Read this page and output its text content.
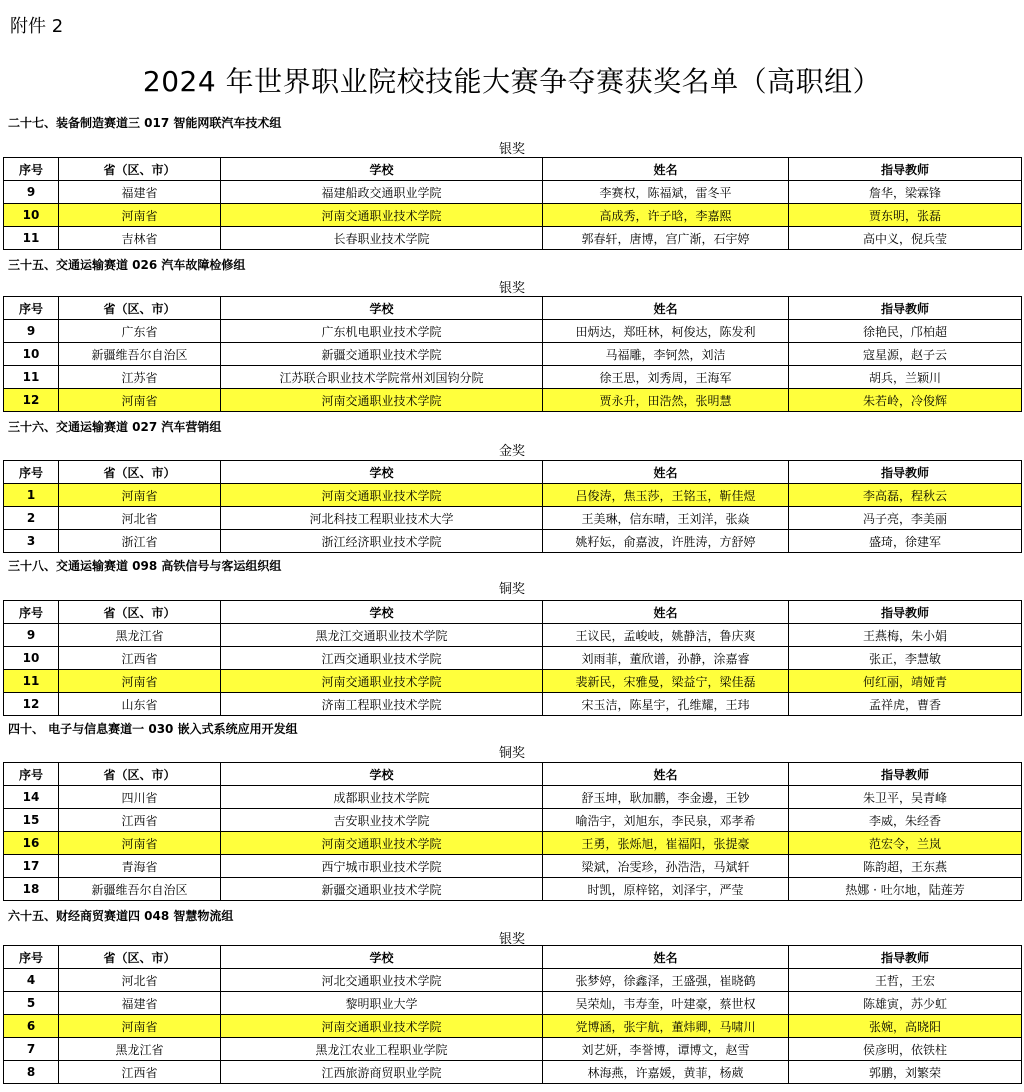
附件 2
2024 年世界职业院校技能大赛争夺赛获奖名单（高职组）
二十七、装备制造赛道三 017 智能网联汽车技术组
银奖
序号	省（区、市）	学校	姓名	指导教师
9	福建省	福建船政交通职业学院	李赛权，陈福斌，雷冬平	詹华，梁霖锋
10	河南省	河南交通职业技术学院	高成秀，许子晗，李嘉熙	贾东明，张磊
11	吉林省	长春职业技术学院	郭春轩，唐博，宫广渐，石宇婷	高中义，倪兵莹
三十五、交通运输赛道 026 汽车故障检修组
银奖
序号	省（区、市）	学校	姓名	指导教师
9	广东省	广东机电职业技术学院	田炳达，郑旺林，柯俊达，陈发利	徐艳民，邝柏超
10	新疆维吾尔自治区	新疆交通职业技术学院	马福雕，李钶然，刘洁	寇星源，赵子云
11	江苏省	江苏联合职业技术学院常州刘国钧分院	徐王思，刘秀周，王海军	胡兵，兰颖川
12	河南省	河南交通职业技术学院	贾永升，田浩然，张明慧	朱若岭，冷俊辉
三十六、交通运输赛道 027 汽车营销组
金奖
序号	省（区、市）	学校	姓名	指导教师
1	河南省	河南交通职业技术学院	吕俊涛，焦玉莎，王铭玉，靳佳煜	李高磊，程秋云
2	河北省	河北科技工程职业技术大学	王美琳，信东晴，王刘洋，张焱	冯子亮，李美丽
3	浙江省	浙江经济职业技术学院	姚籽妘，俞嘉波，许胜涛，方舒婷	盛琦，徐建军
三十八、交通运输赛道 098 高铁信号与客运组织组
铜奖
序号	省（区、市）	学校	姓名	指导教师
9	黑龙江省	黑龙江交通职业技术学院	王议民，孟峻岐，姚静洁，鲁庆爽	王燕梅，朱小娟
10	江西省	江西交通职业技术学院	刘雨菲，董欣谱，孙静，涂嘉睿	张正，李慧敏
11	河南省	河南交通职业技术学院	裴新民，宋雅曼，梁益宁，梁佳磊	何红丽，靖娅青
12	山东省	济南工程职业技术学院	宋玉洁，陈星宇，孔维耀，王玮	孟祥虎，曹香
四十、 电子与信息赛道一 030 嵌入式系统应用开发组
铜奖
序号	省（区、市）	学校	姓名	指导教师
14	四川省	成都职业技术学院	舒玉坤，耿加鹏，李金邊，王钞	朱卫平，吴青峰
15	江西省	吉安职业技术学院	喻浩宇，刘旭东，李民泉，邓孝希	李威，朱经香
16	河南省	河南交通职业技术学院	王勇，张烁旭，崔福阳，张提豪	范宏令，兰岚
17	青海省	西宁城市职业技术学院	梁斌，冶雯珍，孙浩浩，马斌轩	陈韵超，王东燕
18	新疆维吾尔自治区	新疆交通职业技术学院	时凯，原梓铭，刘泽宇，严莹	热娜 · 吐尔地，陆莲芳
六十五、财经商贸赛道四 048 智慧物流组
银奖
序号	省（区、市）	学校	姓名	指导教师
4	河北省	河北交通职业技术学院	张梦婷，徐鑫泽，王盛强，崔晓鹤	王哲，王宏
5	福建省	黎明职业大学	吴荣灿，韦寿奎，叶建豪，蔡世权	陈雄寅，苏少虹
6	河南省	河南交通职业技术学院	党博涵，张宇航，董炜卿，马啸川	张婉，高晓阳
7	黑龙江省	黑龙江农业工程职业学院	刘艺妍，李誉博，谭博文，赵雪	侯彦明，依铁柱
8	江西省	江西旅游商贸职业学院	林海燕，许嘉媛，黄菲，杨葳	郭鹏，刘繁荣
